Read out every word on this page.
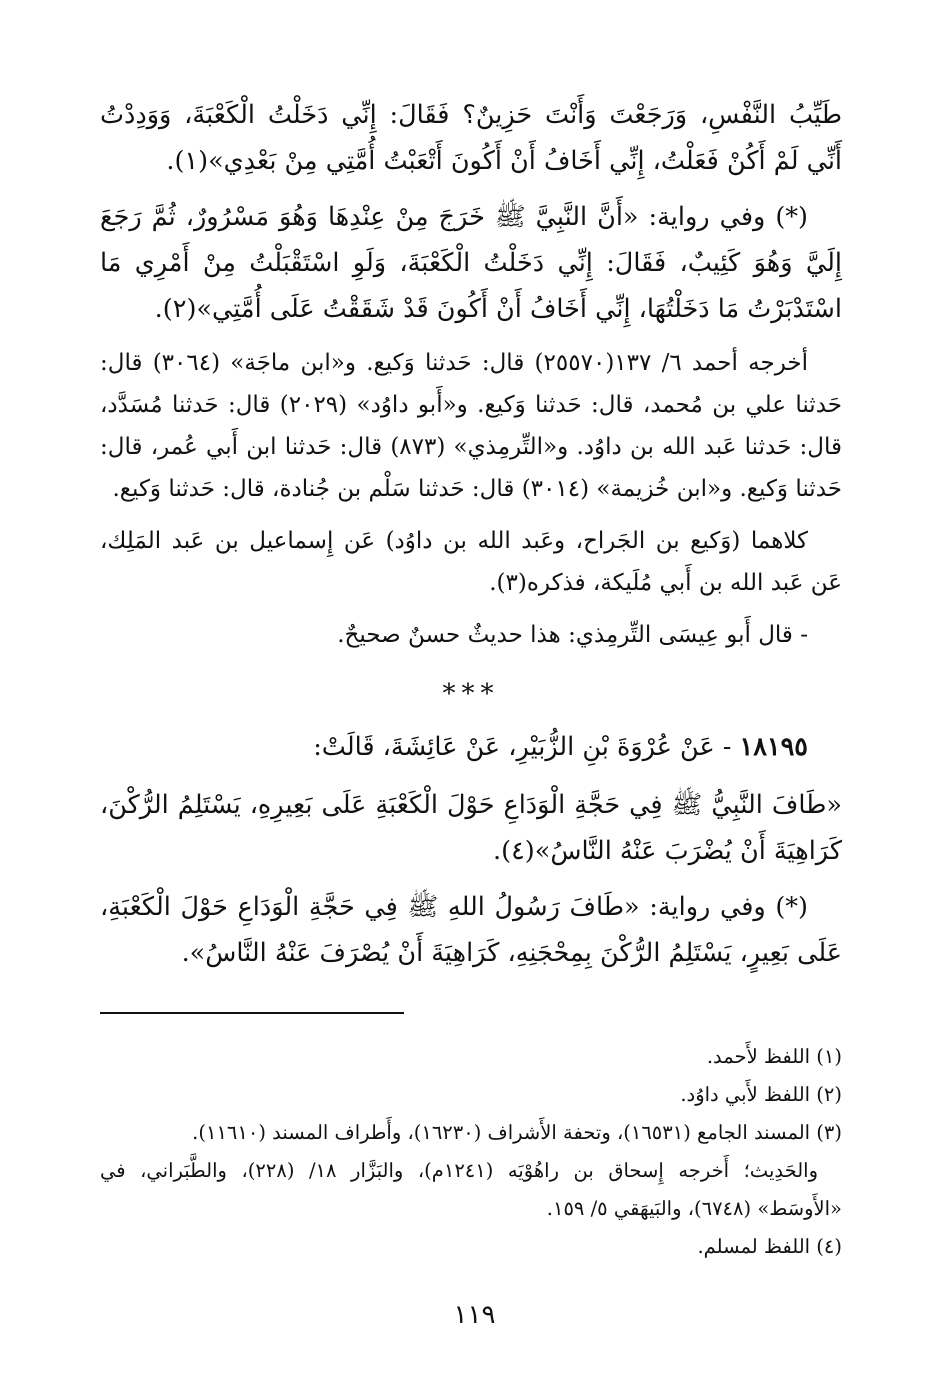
طَيِّبُ النَّفْسِ، وَرَجَعْتَ وَأَنْتَ حَزِينٌ؟ فَقَالَ: إِنِّي دَخَلْتُ الْكَعْبَةَ، وَوَدِدْتُ أَنِّي لَمْ أَكُنْ فَعَلْتُ، إِنِّي أَخَافُ أَنْ أَكُونَ أَتْعَبْتُ أُمَّتِي مِنْ بَعْدِي»(١).

(*) وفي رواية: «أَنَّ النَّبِيَّ ﷺ خَرَجَ مِنْ عِنْدِهَا وَهُوَ مَسْرُورٌ، ثُمَّ رَجَعَ إِلَيَّ وَهُوَ كَئِيبٌ، فَقَالَ: إِنِّي دَخَلْتُ الْكَعْبَةَ، وَلَوِ اسْتَقْبَلْتُ مِنْ أَمْرِي مَا اسْتَدْبَرْتُ مَا دَخَلْتُهَا، إِنِّي أَخَافُ أَنْ أَكُونَ قَدْ شَقَقْتُ عَلَى أُمَّتِي»(٢).

أخرجه أحمد ٦/ ١٣٧(٢٥٥٧٠) قال: حَدثنا وَكيع. و«ابن ماجَة» (٣٠٦٤) قال: حَدثنا علي بن مُحمد، قال: حَدثنا وَكيع. و«أَبو داوُد» (٢٠٢٩) قال: حَدثنا مُسَدَّد، قال: حَدثنا عَبد الله بن داوُد. و«التِّرمِذي» (٨٧٣) قال: حَدثنا ابن أَبي عُمر، قال: حَدثنا وَكيع. و«ابن خُزيمة» (٣٠١٤) قال: حَدثنا سَلْم بن جُنادة، قال: حَدثنا وَكيع.

كلاهما (وَكيع بن الجَراح، وعَبد الله بن داوُد) عَن إِسماعيل بن عَبد المَلِك، عَن عَبد الله بن أَبي مُلَيكة، فذكره(٣).

- قال أَبو عِيسَى التِّرمِذي: هذا حديثٌ حسنٌ صحيحٌ.

***

١٨١٩٥ - عَنْ عُرْوَةَ بْنِ الزُّبَيْرِ، عَنْ عَائِشَةَ، قَالَتْ:

«طَافَ النَّبِيُّ ﷺ فِي حَجَّةِ الْوَدَاعِ حَوْلَ الْكَعْبَةِ عَلَى بَعِيرِهِ، يَسْتَلِمُ الرُّكْنَ، كَرَاهِيَةَ أَنْ يُضْرَبَ عَنْهُ النَّاسُ»(٤).

(*) وفي رواية: «طَافَ رَسُولُ اللهِ ﷺ فِي حَجَّةِ الْوَدَاعِ حَوْلَ الْكَعْبَةِ، عَلَى بَعِيرٍ، يَسْتَلِمُ الرُّكْنَ بِمِحْجَنِهِ، كَرَاهِيَةَ أَنْ يُصْرَفَ عَنْهُ النَّاسُ».

(١) اللفظ لأَحمد.

(٢) اللفظ لأَبي داوُد.

(٣) المسند الجامع (١٦٥٣١)، وتحفة الأَشراف (١٦٢٣٠)، وأَطراف المسند (١١٦١٠).

والحَدِيث؛ أَخرجه إِسحاق بن راهُوْيَه (١٢٤١م)، والبَزَّار ١٨/ (٢٢٨)، والطَّبَراني، في «الأَوسَط» (٦٧٤٨)، والبَيهَقي ٥/ ١٥٩.

(٤) اللفظ لمسلم.

١١٩
